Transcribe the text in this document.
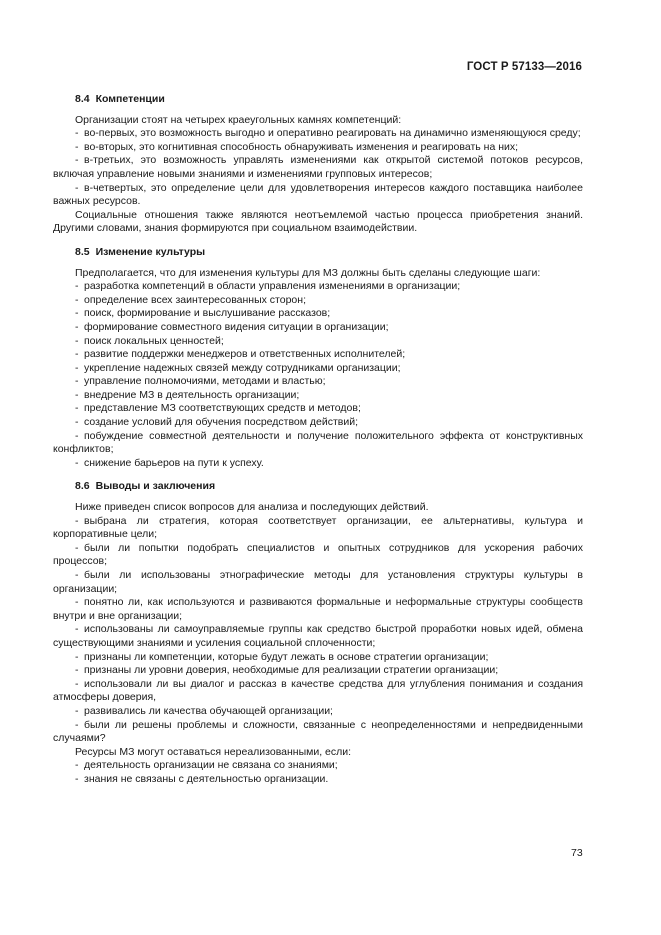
ГОСТ Р 57133—2016
8.4 Компетенции
Организации стоят на четырех краеугольных камнях компетенций:
- во-первых, это возможность выгодно и оперативно реагировать на динамично изменяющуюся среду;
- во-вторых, это когнитивная способность обнаруживать изменения и реагировать на них;
- в-третьих, это возможность управлять изменениями как открытой системой потоков ресурсов, включая управление новыми знаниями и изменениями групповых интересов;
- в-четвертых, это определение цели для удовлетворения интересов каждого поставщика наиболее важных ресурсов.
Социальные отношения также являются неотъемлемой частью процесса приобретения знаний. Другими словами, знания формируются при социальном взаимодействии.
8.5 Изменение культуры
Предполагается, что для изменения культуры для МЗ должны быть сделаны следующие шаги:
- разработка компетенций в области управления изменениями в организации;
- определение всех заинтересованных сторон;
- поиск, формирование и выслушивание рассказов;
- формирование совместного видения ситуации в организации;
- поиск локальных ценностей;
- развитие поддержки менеджеров и ответственных исполнителей;
- укрепление надежных связей между сотрудниками организации;
- управление полномочиями, методами и властью;
- внедрение МЗ в деятельность организации;
- представление МЗ соответствующих средств и методов;
- создание условий для обучения посредством действий;
- побуждение совместной деятельности и получение положительного эффекта от конструктивных конфликтов;
- снижение барьеров на пути к успеху.
8.6 Выводы и заключения
Ниже приведен список вопросов для анализа и последующих действий.
- выбрана ли стратегия, которая соответствует организации, ее альтернативы, культура и корпоративные цели;
- были ли попытки подобрать специалистов и опытных сотрудников для ускорения рабочих процессов;
- были ли использованы этнографические методы для установления структуры культуры в организации;
- понятно ли, как используются и развиваются формальные и неформальные структуры сообществ внутри и вне организации;
- использованы ли самоуправляемые группы как средство быстрой проработки новых идей, обмена существующими знаниями и усиления социальной сплоченности;
- признаны ли компетенции, которые будут лежать в основе стратегии организации;
- признаны ли уровни доверия, необходимые для реализации стратегии организации;
- использовали ли вы диалог и рассказ в качестве средства для углубления понимания и создания атмосферы доверия,
- развивались ли качества обучающей организации;
- были ли решены проблемы и сложности, связанные с неопределенностями и непредвиденными случаями?
Ресурсы МЗ могут оставаться нереализованными, если:
- деятельность организации не связана со знаниями;
- знания не связаны с деятельностью организации.
73
